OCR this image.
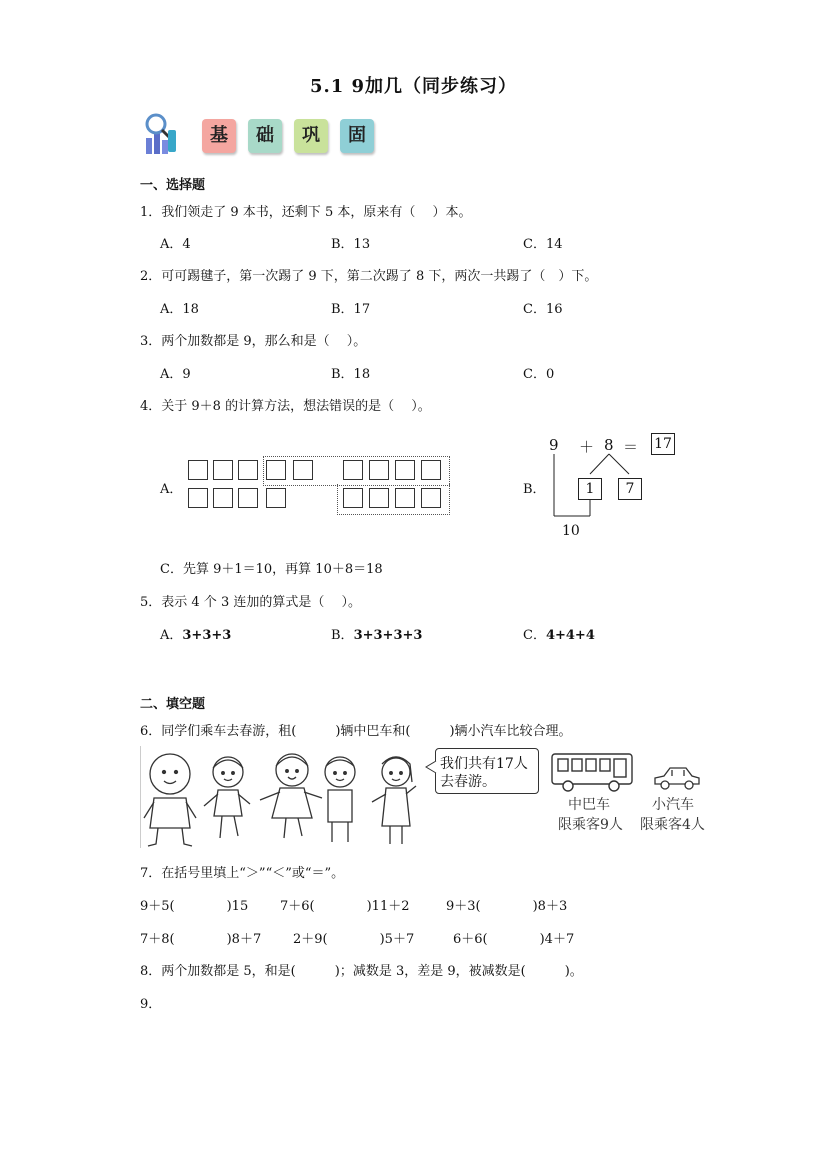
5.1 9加几（同步练习）
基	础	巩	固
一、选择题
1．我们领走了 9 本书，还剩下 5 本，原来有（　 ）本。
A．4	B．13	C．14
2．可可踢毽子，第一次踢了 9 下，第二次踢了 8 下，两次一共踢了（　）下。
A．18	B．17	C．16
3．两个加数都是 9，那么和是（　 ）。
A．9	B．18	C．0
4．关于 9＋8 的计算方法，想法错误的是（　 ）。
A．	B．
9 ＋ 8 ＝ 17
1	7
10
C．先算 9＋1＝10，再算 10＋8＝18
5．表示 4 个 3 连加的算式是（　 ）。
A．3+3+3	B．3+3+3+3	C．4+4+4
二、填空题
6．同学们乘车去春游，租(　　　)辆中巴车和(　　　)辆小汽车比较合理。
我们共有17人
去春游。
中巴车
限乘客9人
小汽车
限乘客4人
7．在括号里填上“＞”“＜”或“＝”。
9＋5(　　　　)15 7＋6(　　　　)11＋2	9＋3(　　　　)8＋3
7＋8(　　　　)8＋7 2＋9(　　　　)5＋7	6＋6(　　　　)4＋7
8．两个加数都是 5，和是(　　　)；减数是 3，差是 9，被减数是(　　　)。
9．
